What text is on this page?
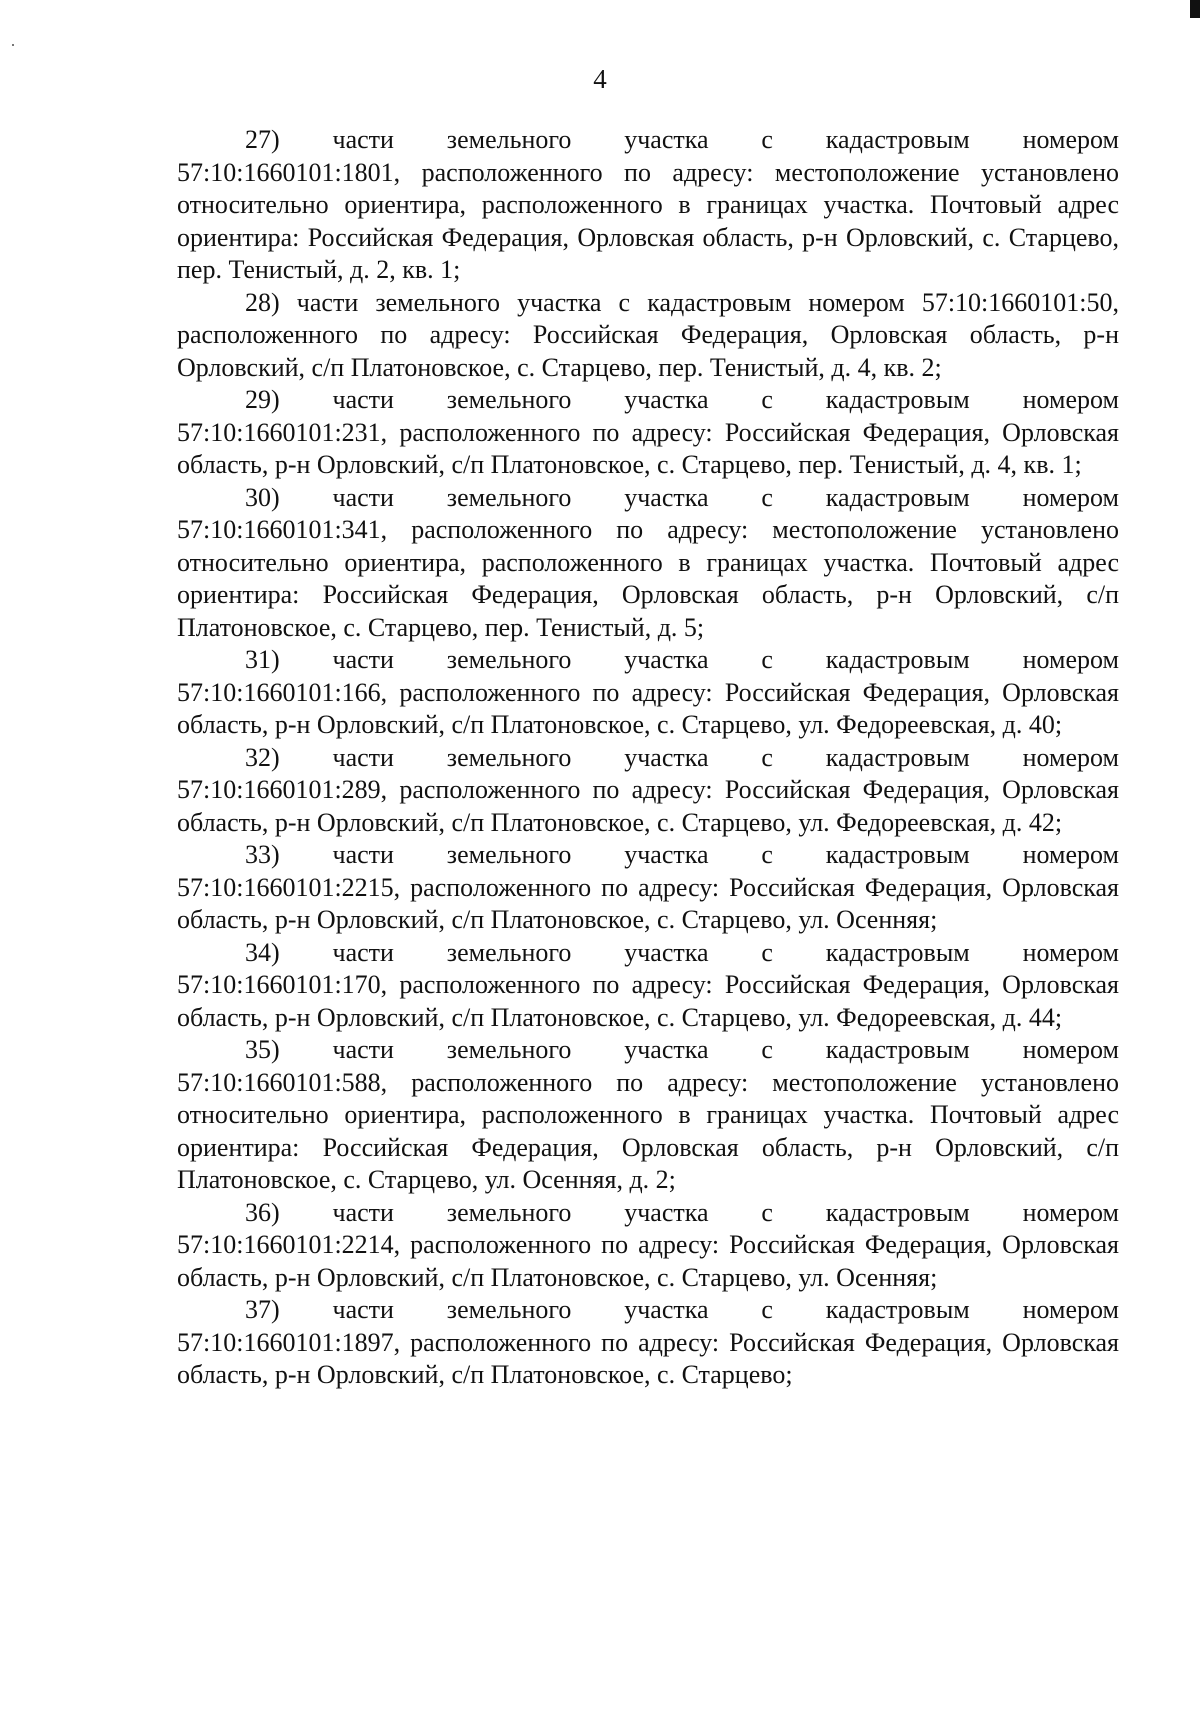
4

27) части земельного участка с кадастровым номером
57:10:1660101:1801, расположенного по адресу: местоположение установлено относительно ориентира, расположенного в границах участка. Почтовый адрес ориентира: Российская Федерация, Орловская область, р-н Орловский, с. Старцево, пер. Тенистый, д. 2, кв. 1;

28) части земельного участка с кадастровым номером 57:10:1660101:50,
расположенного по адресу: Российская Федерация, Орловская область, р-н Орловский, с/п Платоновское, с. Старцево, пер. Тенистый, д. 4, кв. 2;

29) части земельного участка с кадастровым номером
57:10:1660101:231, расположенного по адресу: Российская Федерация, Орловская область, р-н Орловский, с/п Платоновское, с. Старцево, пер. Тенистый, д. 4, кв. 1;

30) части земельного участка с кадастровым номером
57:10:1660101:341, расположенного по адресу: местоположение установлено относительно ориентира, расположенного в границах участка. Почтовый адрес ориентира: Российская Федерация, Орловская область, р-н Орловский, с/п Платоновское, с. Старцево, пер. Тенистый, д. 5;

31) части земельного участка с кадастровым номером
57:10:1660101:166, расположенного по адресу: Российская Федерация, Орловская область, р-н Орловский, с/п Платоновское, с. Старцево, ул. Федореевская, д. 40;

32) части земельного участка с кадастровым номером
57:10:1660101:289, расположенного по адресу: Российская Федерация, Орловская область, р-н Орловский, с/п Платоновское, с. Старцево, ул. Федореевская, д. 42;

33) части земельного участка с кадастровым номером
57:10:1660101:2215, расположенного по адресу: Российская Федерация, Орловская область, р-н Орловский, с/п Платоновское, с. Старцево, ул. Осенняя;

34) части земельного участка с кадастровым номером
57:10:1660101:170, расположенного по адресу: Российская Федерация, Орловская область, р-н Орловский, с/п Платоновское, с. Старцево, ул. Федореевская, д. 44;

35) части земельного участка с кадастровым номером
57:10:1660101:588, расположенного по адресу: местоположение установлено относительно ориентира, расположенного в границах участка. Почтовый адрес ориентира: Российская Федерация, Орловская область, р-н Орловский, с/п Платоновское, с. Старцево, ул. Осенняя, д. 2;

36) части земельного участка с кадастровым номером
57:10:1660101:2214, расположенного по адресу: Российская Федерация, Орловская область, р-н Орловский, с/п Платоновское, с. Старцево, ул. Осенняя;

37) части земельного участка с кадастровым номером
57:10:1660101:1897, расположенного по адресу: Российская Федерация, Орловская область, р-н Орловский, с/п Платоновское, с. Старцево;
